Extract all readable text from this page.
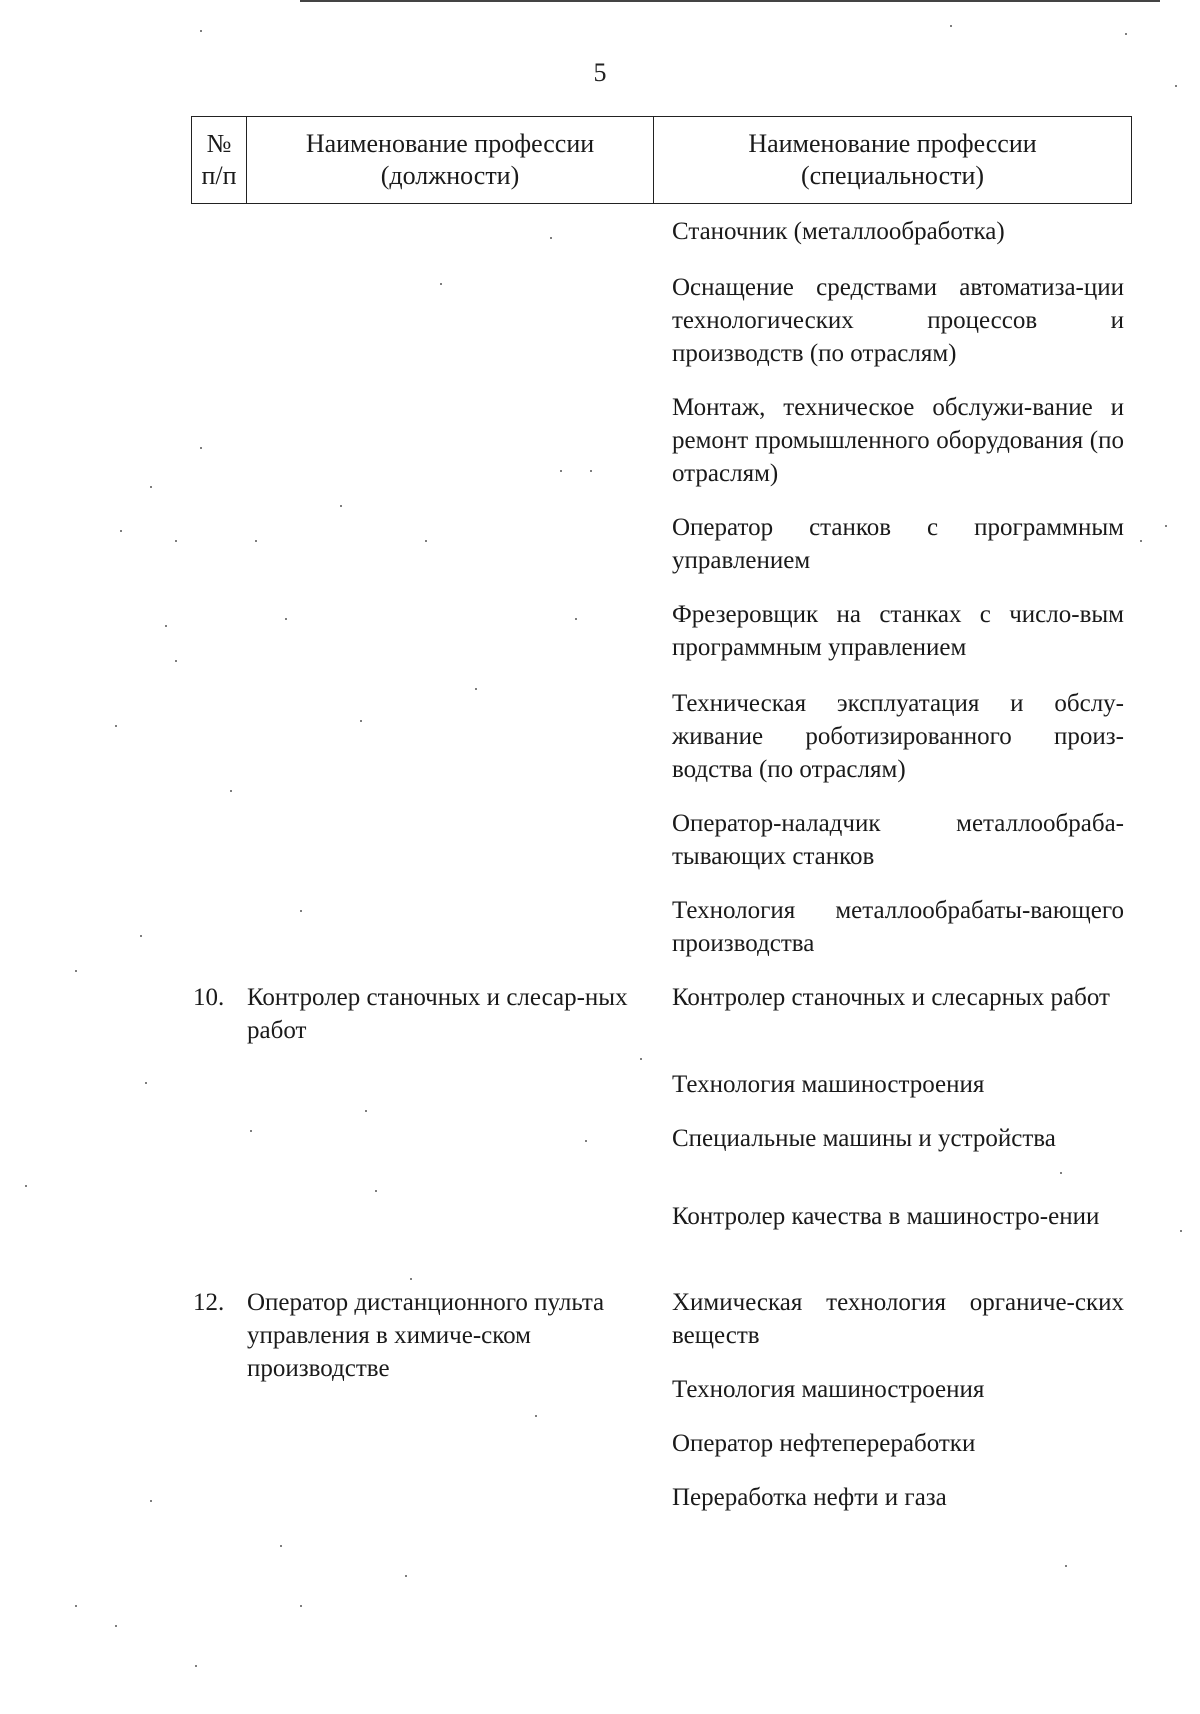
5
№
п/п
Наименование профессии
(должности)
Наименование профессии
(специальности)
Станочник (металлообработка)
Оснащение средствами автоматиза-ции технологических процессов и производств (по отраслям)
Монтаж, техническое обслужи-вание и ремонт промышленного оборудования (по отраслям)
Оператор станков с программным управлением
Фрезеровщик на станках с число-вым программным управлением
Техническая эксплуатация и обслу-живание роботизированного произ-водства (по отраслям)
Оператор-наладчик металлообраба-тывающих станков
Технология металлообрабаты-вающего производства
10. Контролер станочных и слесар-ных работ
Контролер станочных и слесарных работ
Технология машиностроения
Специальные машины и устройства
Контролер качества в машиностро-ении
12. Оператор дистанционного пульта управления в химиче-ском производстве
Химическая технология органиче-ских веществ
Технология машиностроения
Оператор нефтепереработки
Переработка нефти и газа
